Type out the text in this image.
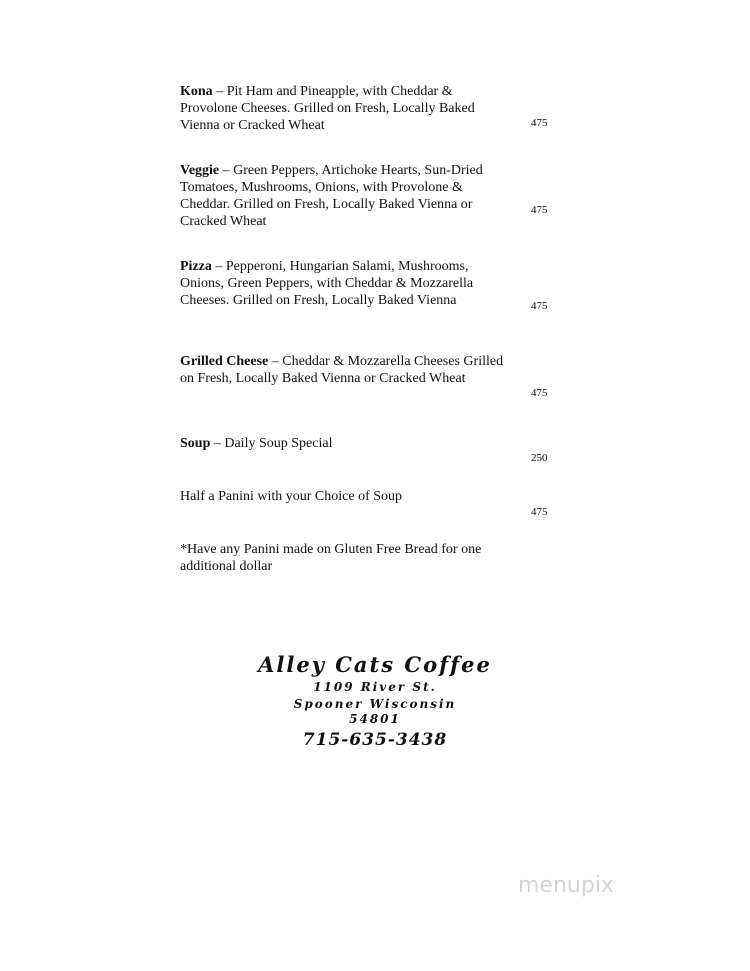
Kona – Pit Ham and Pineapple, with Cheddar & Provolone Cheeses. Grilled on Fresh, Locally Baked Vienna or Cracked Wheat	475
Veggie – Green Peppers, Artichoke Hearts, Sun-Dried Tomatoes, Mushrooms, Onions, with Provolone & Cheddar. Grilled on Fresh, Locally Baked Vienna or Cracked Wheat
475
Pizza – Pepperoni, Hungarian Salami, Mushrooms, Onions, Green Peppers, with Cheddar & Mozzarella Cheeses. Grilled on Fresh, Locally Baked Vienna	475
Grilled Cheese – Cheddar & Mozzarella Cheeses Grilled on Fresh, Locally Baked Vienna or Cracked Wheat
475
Soup – Daily Soup Special
250
Half a Panini with your Choice of Soup
475
*Have any Panini made on Gluten Free Bread for one additional dollar
Alley Cats Coffee
1109 River St.
Spooner Wisconsin
54801
715-635-3438
menupix
